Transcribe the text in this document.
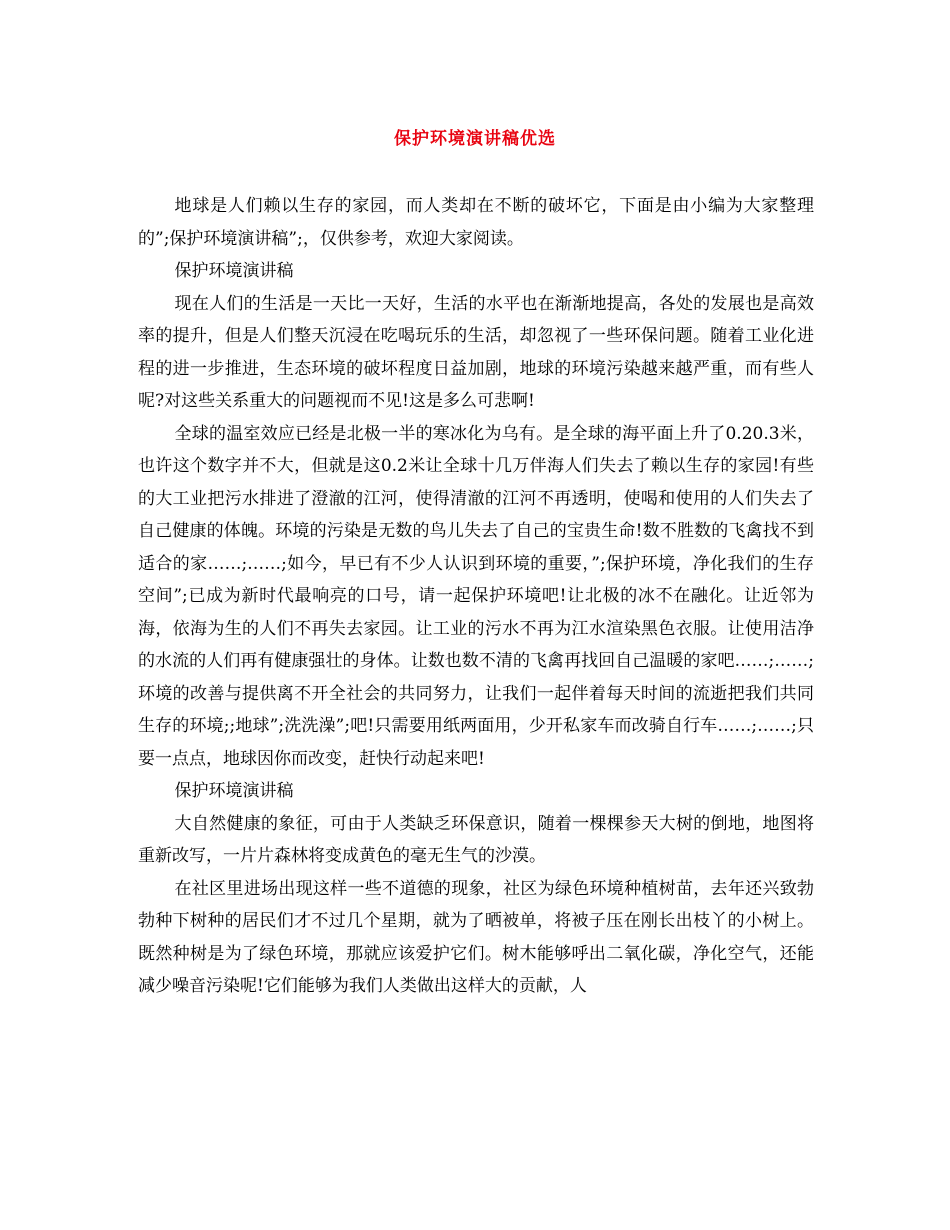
保护环境演讲稿优选

地球是人们赖以生存的家园，而人类却在不断的破坏它，下面是由小编为大家整理的”;保护环境演讲稿”;，仅供参考，欢迎大家阅读。

保护环境演讲稿

现在人们的生活是一天比一天好，生活的水平也在渐渐地提高，各处的发展也是高效率的提升，但是人们整天沉浸在吃喝玩乐的生活，却忽视了一些环保问题。随着工业化进程的进一步推进，生态环境的破坏程度日益加剧，地球的环境污染越来越严重，而有些人呢?对这些关系重大的问题视而不见!这是多么可悲啊!

全球的温室效应已经是北极一半的寒冰化为乌有。是全球的海平面上升了0.20.3米，也许这个数字并不大，但就是这0.2米让全球十几万伴海人们失去了赖以生存的家园!有些的大工业把污水排进了澄澈的江河，使得清澈的江河不再透明，使喝和使用的人们失去了自己健康的体魄。环境的污染是无数的鸟儿失去了自己的宝贵生命!数不胜数的飞禽找不到适合的家……;……;如今，早已有不少人认识到环境的重要，”;保护环境，净化我们的生存空间”;已成为新时代最响亮的口号，请一起保护环境吧!让北极的冰不在融化。让近邻为海，依海为生的人们不再失去家园。让工业的污水不再为江水渲染黑色衣服。让使用洁净的水流的人们再有健康强壮的身体。让数也数不清的飞禽再找回自己温暖的家吧……;……;环境的改善与提供离不开全社会的共同努力，让我们一起伴着每天时间的流逝把我们共同生存的环境;;地球”;洗洗澡”;吧!只需要用纸两面用，少开私家车而改骑自行车……;……;只要一点点，地球因你而改变，赶快行动起来吧!

保护环境演讲稿

大自然健康的象征，可由于人类缺乏环保意识，随着一棵棵参天大树的倒地，地图将重新改写，一片片森林将变成黄色的毫无生气的沙漠。

在社区里进场出现这样一些不道德的现象，社区为绿色环境种植树苗，去年还兴致勃勃种下树种的居民们才不过几个星期，就为了晒被单，将被子压在刚长出枝丫的小树上。既然种树是为了绿色环境，那就应该爱护它们。树木能够呼出二氧化碳，净化空气，还能减少噪音污染呢!它们能够为我们人类做出这样大的贡献，人
